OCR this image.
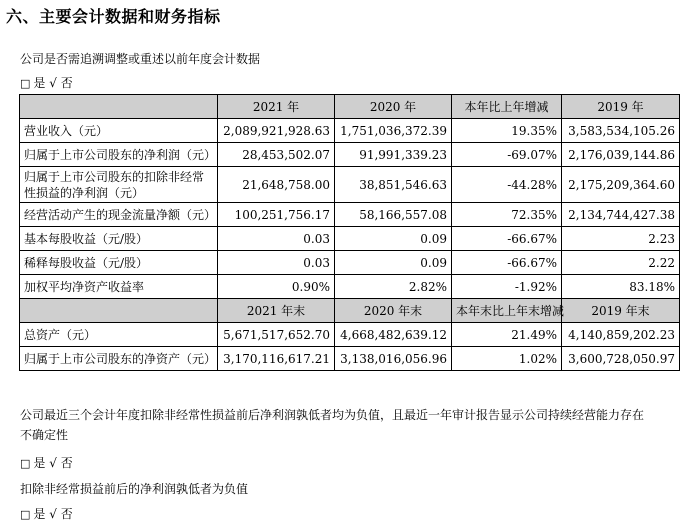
六、主要会计数据和财务指标
公司是否需追溯调整或重述以前年度会计数据
□ 是 √ 否
	2021 年	2020 年	本年比上年增减	2019 年
营业收入（元）	2,089,921,928.63	1,751,036,372.39	19.35%	3,583,534,105.26
归属于上市公司股东的净利润（元）	28,453,502.07	91,991,339.23	-69.07%	2,176,039,144.86
归属于上市公司股东的扣除非经常性损益的净利润（元）	21,648,758.00	38,851,546.63	-44.28%	2,175,209,364.60
经营活动产生的现金流量净额（元）	100,251,756.17	58,166,557.08	72.35%	2,134,744,427.38
基本每股收益（元/股）	0.03	0.09	-66.67%	2.23
稀释每股收益（元/股）	0.03	0.09	-66.67%	2.22
加权平均净资产收益率	0.90%	2.82%	-1.92%	83.18%
	2021 年末	2020 年末	本年末比上年末增减	2019 年末
总资产（元）	5,671,517,652.70	4,668,482,639.12	21.49%	4,140,859,202.23
归属于上市公司股东的净资产（元）	3,170,116,617.21	3,138,016,056.96	1.02%	3,600,728,050.97
公司最近三个会计年度扣除非经常性损益前后净利润孰低者均为负值，且最近一年审计报告显示公司持续经营能力存在不确定性
□ 是 √ 否
扣除非经常损益前后的净利润孰低者为负值
□ 是 √ 否
